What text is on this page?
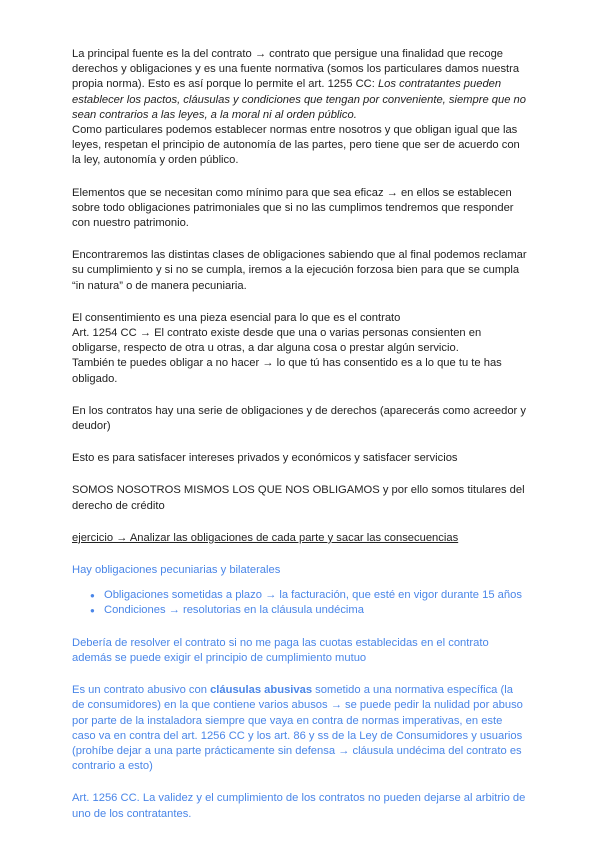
La principal fuente es la del contrato → contrato que persigue una finalidad que recoge derechos y obligaciones y es una fuente normativa (somos los particulares damos nuestra propia norma). Esto es así porque lo permite el art. 1255 CC: Los contratantes pueden establecer los pactos, cláusulas y condiciones que tengan por conveniente, siempre que no sean contrarios a las leyes, a la moral ni al orden público.

Como particulares podemos establecer normas entre nosotros y que obligan igual que las leyes, respetan el principio de autonomía de las partes, pero tiene que ser de acuerdo con la ley, autonomía y orden público.

Elementos que se necesitan como mínimo para que sea eficaz → en ellos se establecen sobre todo obligaciones patrimoniales que si no las cumplimos tendremos que responder con nuestro patrimonio.

Encontraremos las distintas clases de obligaciones sabiendo que al final podemos reclamar su cumplimiento y si no se cumpla, iremos a la ejecución forzosa bien para que se cumpla “in natura” o de manera pecuniaria.

El consentimiento es una pieza esencial para lo que es el contrato
Art. 1254 CC → El contrato existe desde que una o varias personas consienten en obligarse, respecto de otra u otras, a dar alguna cosa o prestar algún servicio.
También te puedes obligar a no hacer → lo que tú has consentido es a lo que tu te has obligado.

En los contratos hay una serie de obligaciones y de derechos (aparecerás como acreedor y deudor)

Esto es para satisfacer intereses privados y económicos y satisfacer servicios

SOMOS NOSOTROS MISMOS LOS QUE NOS OBLIGAMOS y por ello somos titulares del derecho de crédito

ejercicio → Analizar las obligaciones de cada parte y sacar las consecuencias

Hay obligaciones pecuniarias y bilaterales

● Obligaciones sometidas a plazo → la facturación, que esté en vigor durante 15 años
● Condiciones → resolutorias en la cláusula undécima

Debería de resolver el contrato si no me paga las cuotas establecidas en el contrato además se puede exigir el principio de cumplimiento mutuo

Es un contrato abusivo con cláusulas abusivas sometido a una normativa específica (la de consumidores) en la que contiene varios abusos → se puede pedir la nulidad por abuso por parte de la instaladora siempre que vaya en contra de normas imperativas, en este caso va en contra del art. 1256 CC y los art. 86 y ss de la Ley de Consumidores y usuarios (prohíbe dejar a una parte prácticamente sin defensa → cláusula undécima del contrato es contrario a esto)

Art. 1256 CC. La validez y el cumplimiento de los contratos no pueden dejarse al arbitrio de uno de los contratantes.
